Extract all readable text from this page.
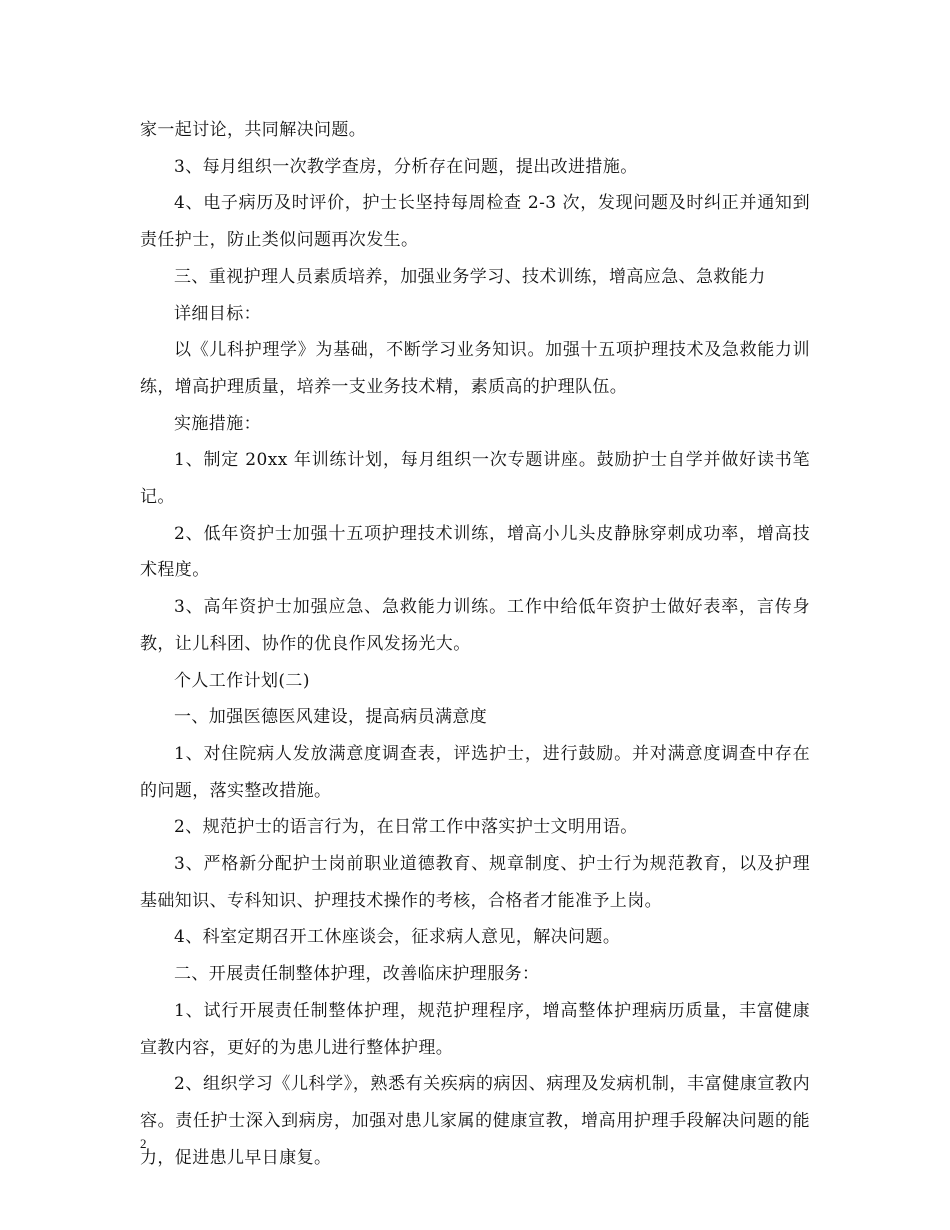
家一起讨论，共同解决问题。

3、每月组织一次教学查房，分析存在问题，提出改进措施。

4、电子病历及时评价，护士长坚持每周检查 2-3 次，发现问题及时纠正并通知到责任护士，防止类似问题再次发生。

三、重视护理人员素质培养，加强业务学习、技术训练，增高应急、急救能力

详细目标：

以《儿科护理学》为基础，不断学习业务知识。加强十五项护理技术及急救能力训练，增高护理质量，培养一支业务技术精，素质高的护理队伍。

实施措施：

1、制定 20xx 年训练计划，每月组织一次专题讲座。鼓励护士自学并做好读书笔记。

2、低年资护士加强十五项护理技术训练，增高小儿头皮静脉穿刺成功率，增高技术程度。

3、高年资护士加强应急、急救能力训练。工作中给低年资护士做好表率，言传身教，让儿科团、协作的优良作风发扬光大。

个人工作计划(二)

一、加强医德医风建设，提高病员满意度

1、对住院病人发放满意度调查表，评选护士，进行鼓励。并对满意度调查中存在的问题，落实整改措施。

2、规范护士的语言行为，在日常工作中落实护士文明用语。

3、严格新分配护士岗前职业道德教育、规章制度、护士行为规范教育，以及护理基础知识、专科知识、护理技术操作的考核，合格者才能准予上岗。

4、科室定期召开工休座谈会，征求病人意见，解决问题。

二、开展责任制整体护理，改善临床护理服务：

1、试行开展责任制整体护理，规范护理程序，增高整体护理病历质量，丰富健康宣教内容，更好的为患儿进行整体护理。

2、组织学习《儿科学》，熟悉有关疾病的病因、病理及发病机制，丰富健康宣教内容。责任护士深入到病房，加强对患儿家属的健康宣教，增高用护理手段解决问题的能力，促进患儿早日康复。

2
